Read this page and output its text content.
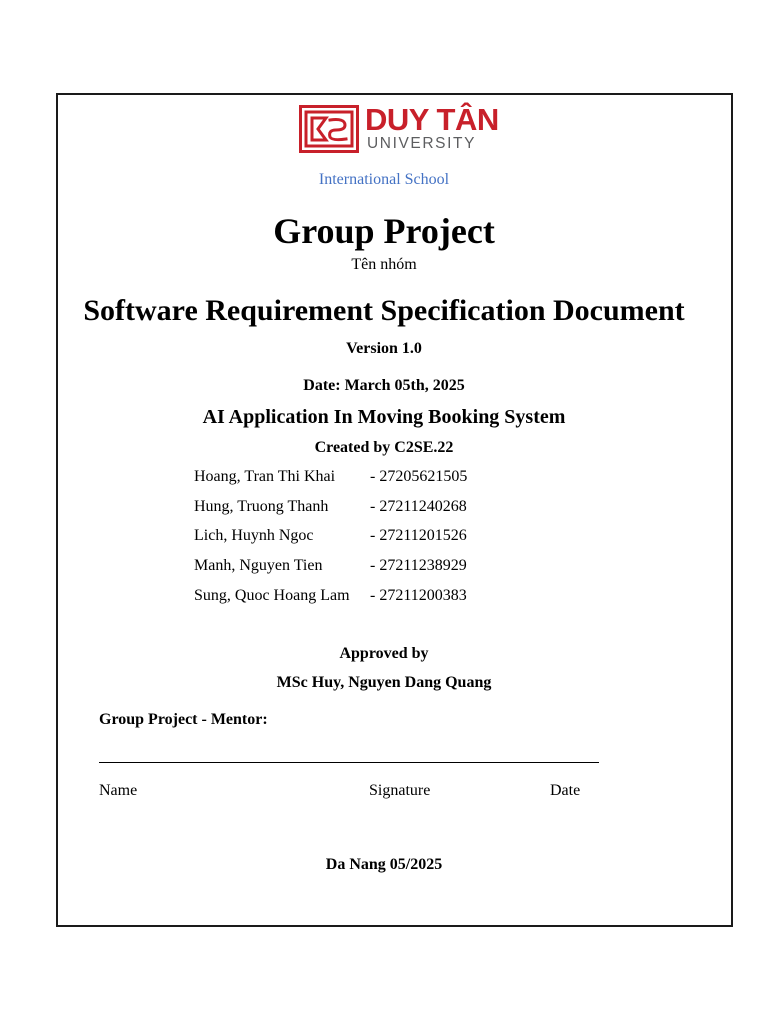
DUY TÂN
UNIVERSITY
International School
Group Project
Tên nhóm
Software Requirement Specification Document
Version 1.0
Date: March 05th, 2025
AI Application In Moving Booking System
Created by C2SE.22
Hoang, Tran Thi Khai - 27205621505
Hung, Truong Thanh	- 27211240268
Lich, Huynh Ngoc	- 27211201526
Manh, Nguyen Tien	- 27211238929
Sung, Quoc Hoang Lam - 27211200383
Approved by
MSc Huy, Nguyen Dang Quang
Group Project - Mentor:
Name	Signature	Date
Da Nang 05/2025
